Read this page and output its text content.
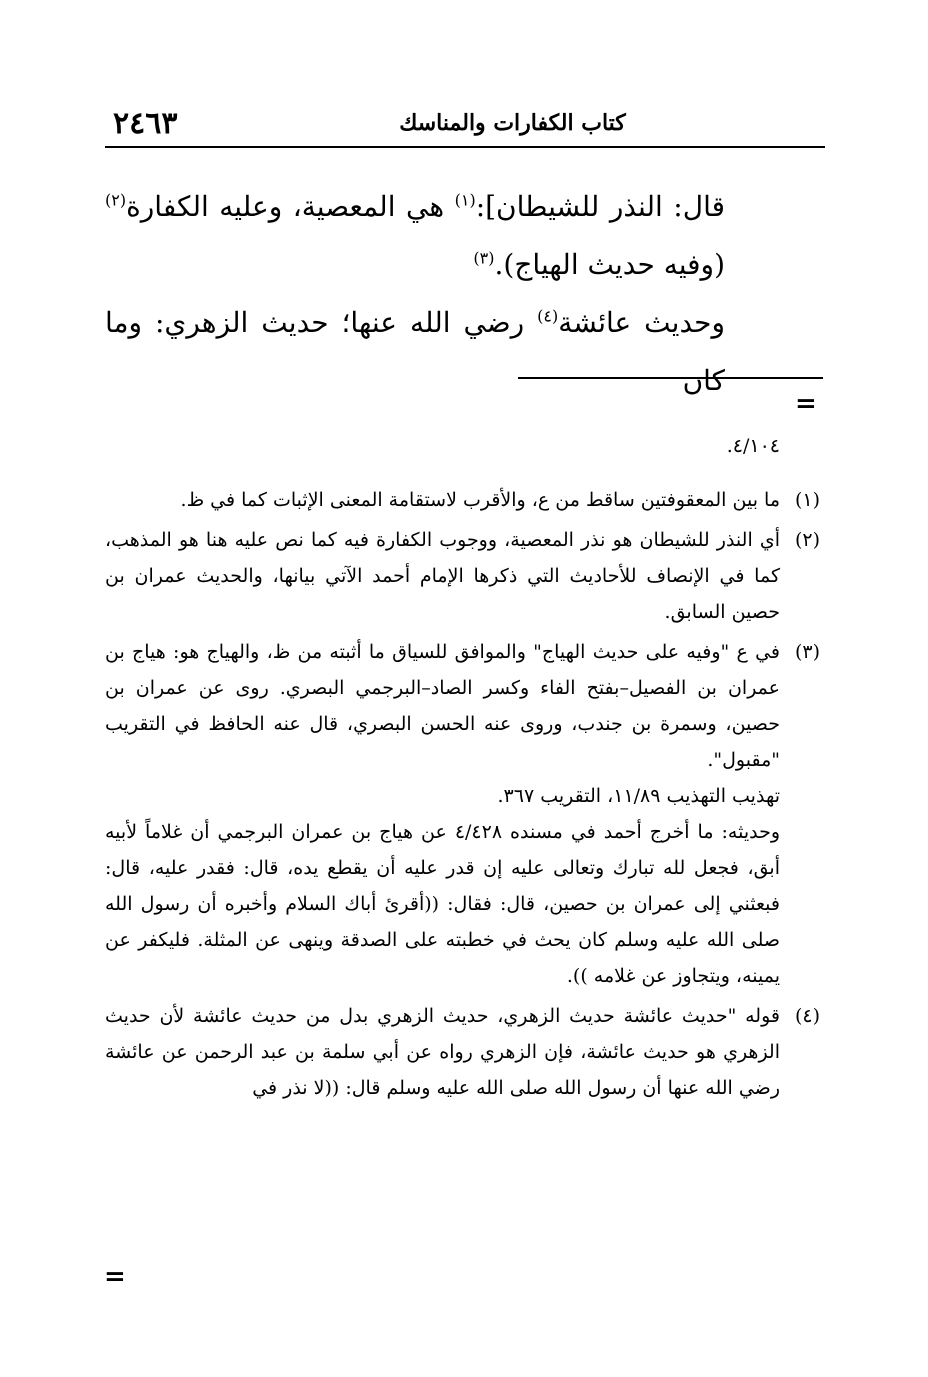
٢٤٦٣	كتاب الكفارات والمناسك

قال: النذر للشيطان]:$^{(١)}$ هي المعصية، وعليه الكفارة$^{(٢)}$(وفيه حديث الهياج).$^{(٣)}$

وحديث عائشة$^{(٤)}$ رضي الله عنها؛ حديث الزهري: وما كان

=

٤/١٠٤.

(١)

ما بين المعقوفتين ساقط من ع، والأقرب لاستقامة المعنى الإثبات كما في ظ.

(٢)

أي النذر للشيطان هو نذر المعصية، ووجوب الكفارة فيه كما نص عليه هنا هو المذهب، كما في الإنصاف للأحاديث التي ذكرها الإمام أحمد الآتي بيانها، والحديث عمران بن حصين السابق.

(٣)

في ع "وفيه على حديث الهياج" والموافق للسياق ما أثبته من ظ، والهياج هو: هياج بن عمران بن الفصيل–بفتح الفاء وكسر الصاد–البرجمي البصري. روى عن عمران بن حصين، وسمرة بن جندب، وروى عنه الحسن البصري، قال عنه الحافظ في التقريب "مقبول".

تهذيب التهذيب ١١/٨٩، التقريب ٣٦٧.

وحديثه: ما أخرج أحمد في مسنده ٤/٤٢٨ عن هياج بن عمران البرجمي أن غلاماً لأبيه أبق، فجعل لله تبارك وتعالى عليه إن قدر عليه أن يقطع يده، قال: فقدر عليه، قال: فبعثني إلى عمران بن حصين، قال: فقال: ((أقرئ أباك السلام وأخبره أن رسول الله صلى الله عليه وسلم كان يحث في خطبته على الصدقة وينهى عن المثلة. فليكفر عن يمينه، ويتجاوز عن غلامه )).

(٤)

قوله "حديث عائشة حديث الزهري، حديث الزهري بدل من حديث عائشة لأن حديث الزهري هو حديث عائشة، فإن الزهري رواه عن أبي سلمة بن عبد الرحمن عن عائشة رضي الله عنها أن رسول الله صلى الله عليه وسلم قال: ((لا نذر في

=
